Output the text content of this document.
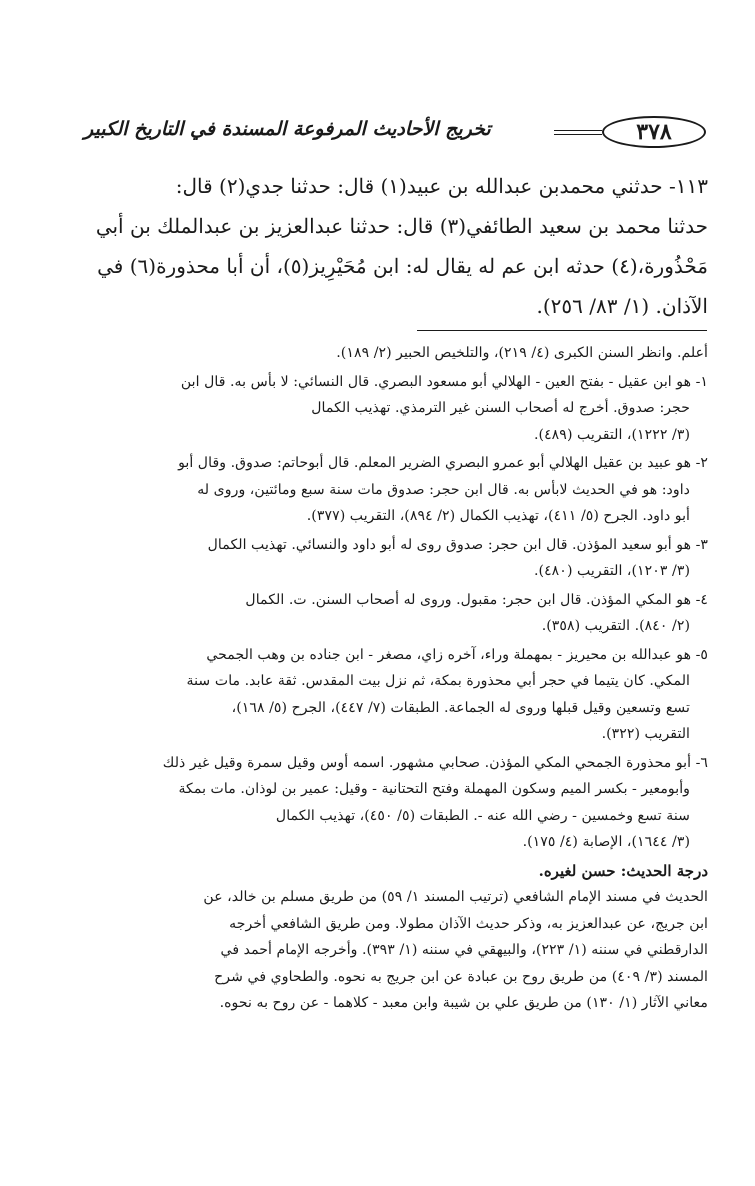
٣٧٨
تخريج الأحاديث المرفوعة المسندة في التاريخ الكبير

١١٣- حدثني محمدبن عبدالله بن عبيد(١) قال: حدثنا جدي(٢) قال:
حدثنا محمد بن سعيد الطائفي(٣) قال: حدثنا عبدالعزيز بن عبدالملك بن أبي
مَحْذُورة،(٤) حدثه ابن عم له يقال له: ابن مُحَيْرِيز(٥)، أن أبا محذورة(٦) في
الآذان. (١/ ٨٣/ ٢٥٦).

أعلم. وانظر السنن الكبرى (٤/ ٢١٩)، والتلخيص الحبير (٢/ ١٨٩).
١- هو ابن عقيل - بفتح العين - الهلالي أبو مسعود البصري. قال النسائي: لا بأس به. قال ابن
حجر: صدوق. أخرج له أصحاب السنن غير الترمذي. تهذيب الكمال
(٣/ ١٢٢٢)، التقريب (٤٨٩).
٢- هو عبيد بن عقيل الهلالي أبو عمرو البصري الضرير المعلم. قال أبوحاتم: صدوق. وقال أبو
داود: هو في الحديث لابأس به. قال ابن حجر: صدوق مات سنة سبع ومائتين، وروى له
أبو داود. الجرح (٥/ ٤١١)، تهذيب الكمال (٢/ ٨٩٤)، التقريب (٣٧٧).
٣- هو أبو سعيد المؤذن. قال ابن حجر: صدوق روى له أبو داود والنسائي. تهذيب الكمال
(٣/ ١٢٠٣)، التقريب (٤٨٠).
٤- هو المكي المؤذن. قال ابن حجر: مقبول. وروى له أصحاب السنن. ت. الكمال
(٢/ ٨٤٠). التقريب (٣٥٨).
٥- هو عبدالله بن محيريز - بمهملة وراء، آخره زاي، مصغر - ابن جناده بن وهب الجمحي
المكي. كان يتيما في حجر أبي محذورة بمكة، ثم نزل بيت المقدس. ثقة عابد. مات سنة
تسع وتسعين وقيل قبلها وروى له الجماعة. الطبقات (٧/ ٤٤٧)، الجرح (٥/ ١٦٨)،
التقريب (٣٢٢).
٦- أبو محذورة الجمحي المكي المؤذن. صحابي مشهور. اسمه أوس وقيل سمرة وقيل غير ذلك
وأبومعير - بكسر الميم وسكون المهملة وفتح التحتانية - وقيل: عمير بن لوذان. مات بمكة
سنة تسع وخمسين - رضي الله عنه -. الطبقات (٥/ ٤٥٠)، تهذيب الكمال
(٣/ ١٦٤٤)، الإصابة (٤/ ١٧٥).
درجة الحديث: حسن لغيره.
الحديث في مسند الإمام الشافعي (ترتيب المسند ١/ ٥٩) من طريق مسلم بن خالد، عن
ابن جريج، عن عبدالعزيز به، وذكر حديث الآذان مطولا. ومن طريق الشافعي أخرجه
الدارقطني في سننه (١/ ٢٢٣)، والبيهقي في سننه (١/ ٣٩٣). وأخرجه الإمام أحمد في
المسند (٣/ ٤٠٩) من طريق روح بن عبادة عن ابن جريج به نحوه. والطحاوي في شرح
معاني الآثار (١/ ١٣٠) من طريق علي بن شيبة وابن معبد - كلاهما - عن روح به نحوه.
